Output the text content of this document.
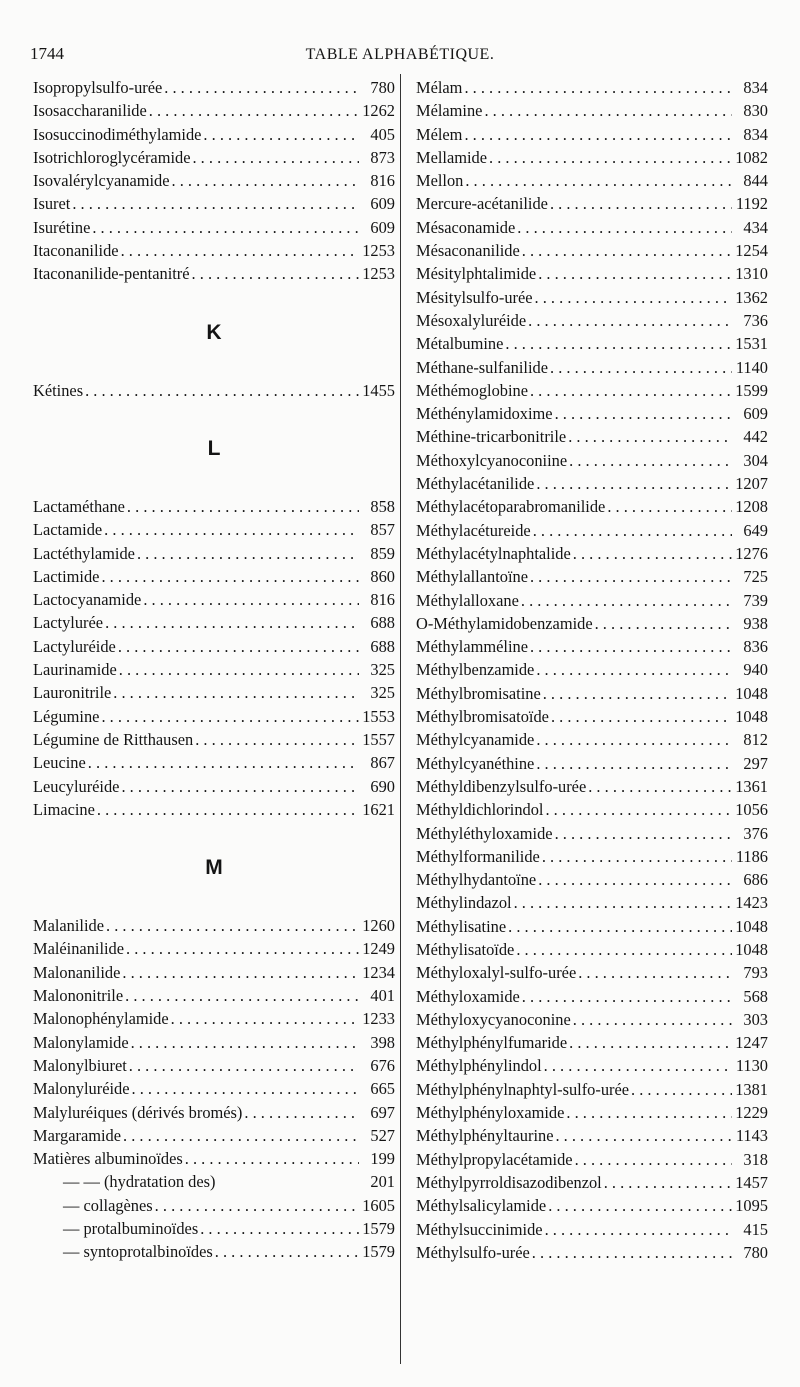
1744	TABLE ALPHABÉTIQUE.
Isopropylsulfo-urée . . .	780
Isosaccharanilide . . .	1262
Isosuccinodiméthylamide . . .	405
Isotrichloroglycéramide . . .	873
Isovalérylcyanamide . . .	816
Isuret . . .	609
Isurétine . . .	609
Itaconanilide . . .	1253
Itaconanilide-pentanitré . . .	1253
K
Kétines . . .	1455
L
Lactaméthane . . .	858
Lactamide . . .	857
Lactéthylamide . . .	859
Lactimide . . .	860
Lactocyanamide . . .	816
Lactylurée . . .	688
Lactyluréide . . .	688
Laurinamide . . .	325
Lauronitrile . . .	325
Légumine . . .	1553
Légumine de Ritthausen . . .	1557
Leucine . . .	867
Leucyluréide . . .	690
Limacine . . .	1621
M
Malanilide . . .	1260
Maléinanilide . . .	1249
Malonanilide . . .	1234
Malononitrile . . .	401
Malonophénylamide . . .	1233
Malonylamide . . .	398
Malonylbiuret . . .	676
Malonyluréide . . .	665
Malyluréiques (dérivés bromés) . . .	697
Margaramide . . .	527
Matières albuminoïdes . . .	199
— — (hydratation des)	201
— collagènes . . .	1605
— protalbuminoïdes . . .	1579
— syntoprotalbinoïdes . . .	1579
Mélam . . .	834
Mélamine . . .	830
Mélem . . .	834
Mellamide . . .	1082
Mellon . . .	844
Mercure-acétanilide . . .	1192
Mésaconamide . . .	434
Mésaconanilide . . .	1254
Mésitylphtalimide . . .	1310
Mésitylsulfo-urée . . .	1362
Mésoxalyluréide . . .	736
Métalbumine . . .	1531
Méthane-sulfanilide . . .	1140
Méthémoglobine . . .	1599
Méthénylamidoxime . . .	609
Méthine-tricarbonitrile . . .	442
Méthoxylcyanoconiine . . .	304
Méthylacétanilide . . .	1207
Méthylacétoparabromanilide . . .	1208
Méthylacétureide . . .	649
Méthylacétylnaphtalide . . .	1276
Méthylallantoïne . . .	725
Méthylalloxane . . .	739
O-Méthylamidobenzamide . . .	938
Méthylamméline . . .	836
Méthylbenzamide . . .	940
Méthylbromisatine . . .	1048
Méthylbromisatoïde . . .	1048
Méthylcyanamide . . .	812
Méthylcyanéthine . . .	297
Méthyldibenzylsulfo-urée . . .	1361
Méthyldichlorindol . . .	1056
Méthyléthyloxamide . . .	376
Méthylformanilide . . .	1186
Méthylhydantoïne . . .	686
Méthylindazol . . .	1423
Méthylisatine . . .	1048
Méthylisatoïde . . .	1048
Méthyloxalyl-sulfo-urée . . .	793
Méthyloxamide . . .	568
Méthyloxycyanoconine . . .	303
Méthylphénylfumaride . . .	1247
Méthylphénylindol . . .	1130
Méthylphénylnaphtyl-sulfo-urée . . .	1381
Méthylphényloxamide . . .	1229
Méthylphényltaurine . . .	1143
Méthylpropylacétamide . . .	318
Méthylpyrroldisazodibenzol . . .	1457
Méthylsalicylamide . . .	1095
Méthylsuccinimide . . .	415
Méthylsulfo-urée . . .	780
